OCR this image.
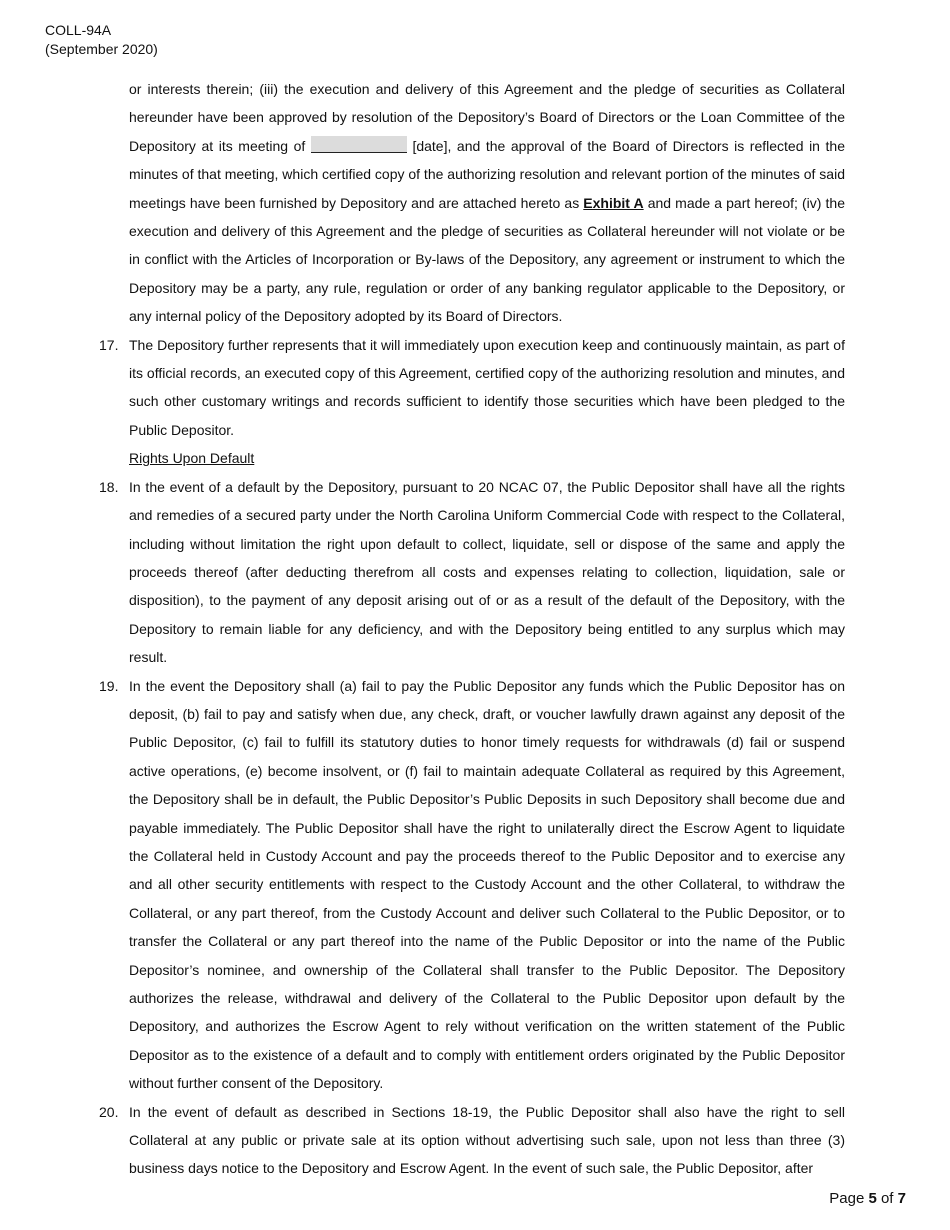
COLL-94A
(September 2020)

or interests therein; (iii) the execution and delivery of this Agreement and the pledge of securities as Collateral hereunder have been approved by resolution of the Depository’s Board of Directors or the Loan Committee of the Depository at its meeting of	[date], and the approval of the Board of Directors is reflected in the minutes of that meeting, which certified copy of the authorizing resolution and relevant portion of the minutes of said meetings have been furnished by Depository and are attached hereto as Exhibit A and made a part hereof; (iv) the execution and delivery of this Agreement and the pledge of securities as Collateral hereunder will not violate or be in conflict with the Articles of Incorporation or By-laws of the Depository, any agreement or instrument to which the Depository may be a party, any rule, regulation or order of any banking regulator applicable to the Depository, or any internal policy of the Depository adopted by its Board of Directors.

17. The Depository further represents that it will immediately upon execution keep and continuously maintain, as part of its official records, an executed copy of this Agreement, certified copy of the authorizing resolution and minutes, and such other customary writings and records sufficient to identify those securities which have been pledged to the Public Depositor.

Rights Upon Default

18. In the event of a default by the Depository, pursuant to 20 NCAC 07, the Public Depositor shall have all the rights and remedies of a secured party under the North Carolina Uniform Commercial Code with respect to the Collateral, including without limitation the right upon default to collect, liquidate, sell or dispose of the same and apply the proceeds thereof (after deducting therefrom all costs and expenses relating to collection, liquidation, sale or disposition), to the payment of any deposit arising out of or as a result of the default of the Depository, with the Depository to remain liable for any deficiency, and with the Depository being entitled to any surplus which may result.

19. In the event the Depository shall (a) fail to pay the Public Depositor any funds which the Public Depositor has on deposit, (b) fail to pay and satisfy when due, any check, draft, or voucher lawfully drawn against any deposit of the Public Depositor, (c) fail to fulfill its statutory duties to honor timely requests for withdrawals (d) fail or suspend active operations, (e) become insolvent, or (f) fail to maintain adequate Collateral as required by this Agreement, the Depository shall be in default, the Public Depositor’s Public Deposits in such Depository shall become due and payable immediately. The Public Depositor shall have the right to unilaterally direct the Escrow Agent to liquidate the Collateral held in Custody Account and pay the proceeds thereof to the Public Depositor and to exercise any and all other security entitlements with respect to the Custody Account and the other Collateral, to withdraw the Collateral, or any part thereof, from the Custody Account and deliver such Collateral to the Public Depositor, or to transfer the Collateral or any part thereof into the name of the Public Depositor or into the name of the Public Depositor’s nominee, and ownership of the Collateral shall transfer to the Public Depositor. The Depository authorizes the release, withdrawal and delivery of the Collateral to the Public Depositor upon default by the Depository, and authorizes the Escrow Agent to rely without verification on the written statement of the Public Depositor as to the existence of a default and to comply with entitlement orders originated by the Public Depositor without further consent of the Depository.

20. In the event of default as described in Sections 18-19, the Public Depositor shall also have the right to sell Collateral at any public or private sale at its option without advertising such sale, upon not less than three (3) business days notice to the Depository and Escrow Agent. In the event of such sale, the Public Depositor, after

Page 5 of 7
